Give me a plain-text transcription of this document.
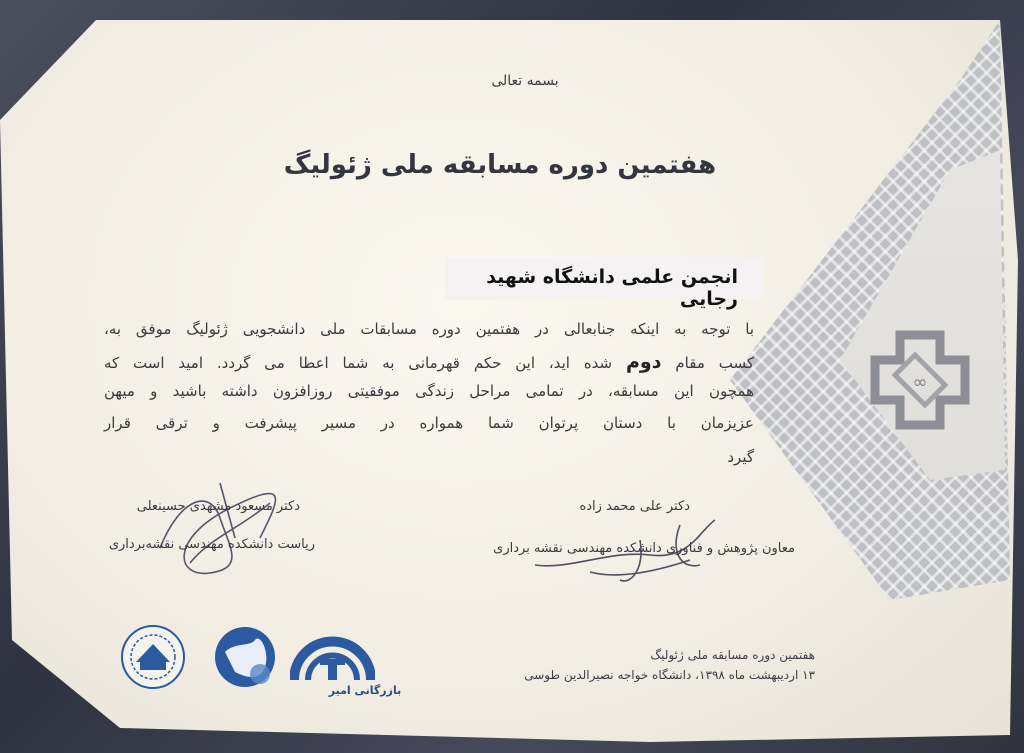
∞
بسمه تعالی
هفتمین دوره مسابقه ملی ژئولیگ
انجمن علمی دانشگاه شهید رجایی
با توجه به اینکه جنابعالی در هفتمین دوره مسابقات ملی دانشجویی ژئولیگ موفق به،
کسب مقام دوم شده اید، این حکم قهرمانی به شما اعطا می گردد. امید است که
همچون این مسابقه، در تمامی مراحل زندگی موفقیتی روزافزون داشته باشید و میهن
عزیزمان با دستان پرتوان شما همواره در مسیر پیشرفت و ترقی قرار
گیرد
دکتر مسعود مشهدی حسینعلی
ریاست دانشکده مهندسی نقشه‌برداری
دکتر علی محمد زاده
معاون پژوهش و فناوری دانشکده مهندسی نقشه برداری
هفتمین دوره مسابقه ملی ژئولیگ
۱۳ اردیبهشت ماه ۱۳۹۸، دانشگاه خواجه نصیرالدین طوسی
بازرگانی امیر
